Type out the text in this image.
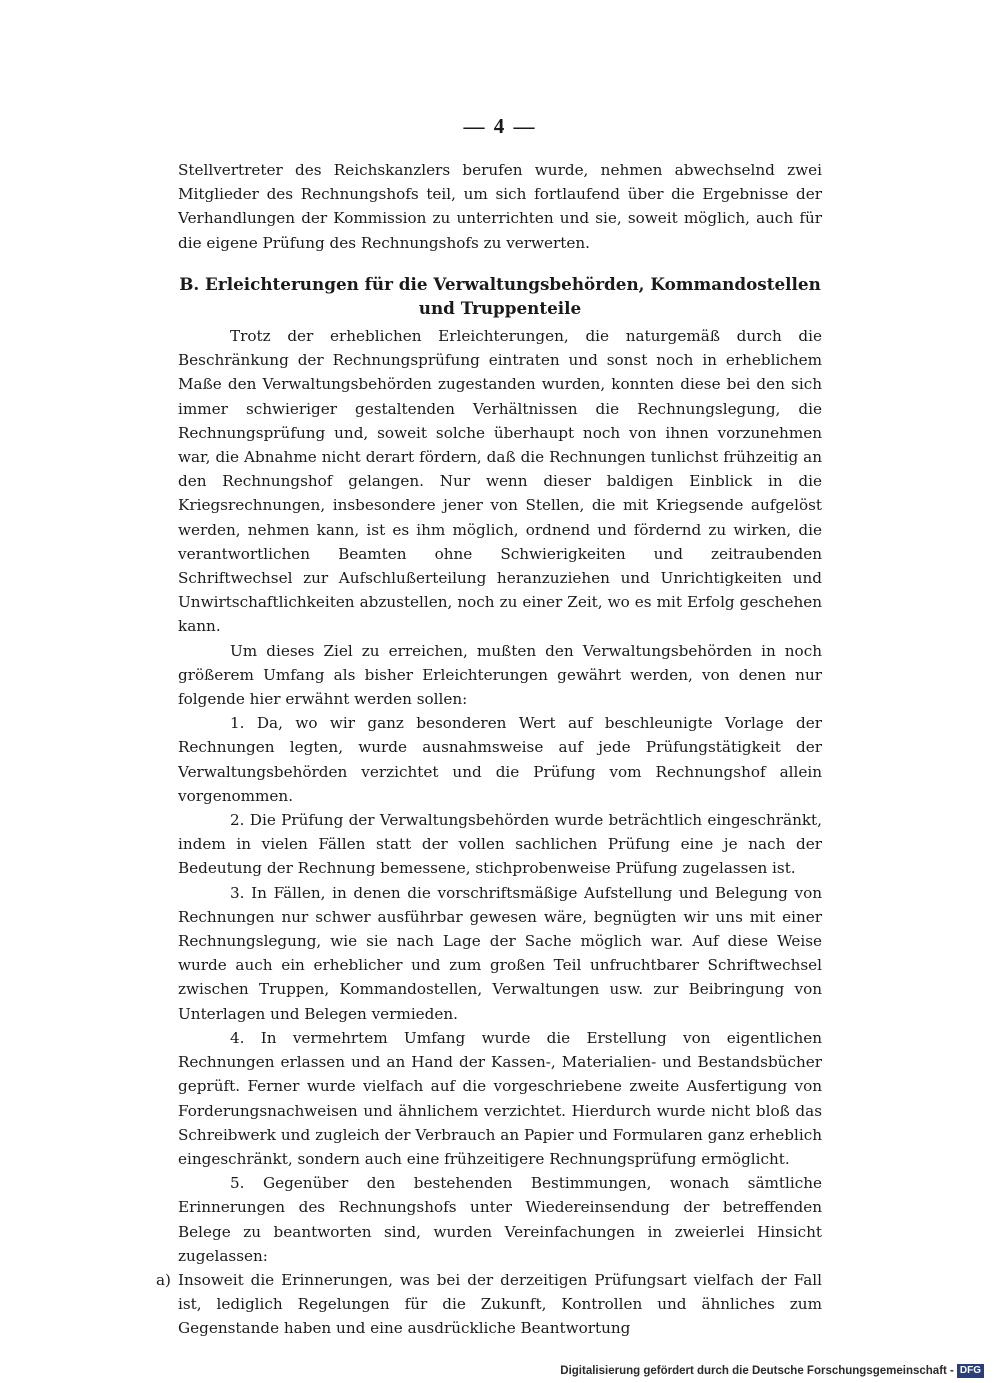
— 4 —

Stellvertreter des Reichskanzlers berufen wurde, nehmen abwechselnd zwei Mitglieder des Rechnungshofs teil, um sich fortlaufend über die Ergebnisse der Verhandlungen der Kommission zu unterrichten und sie, soweit möglich, auch für die eigene Prüfung des Rechnungshofs zu verwerten.

B. Erleichterungen für die Verwaltungsbehörden, Kommandostellen
und Truppenteile

Trotz der erheblichen Erleichterungen, die naturgemäß durch die Beschränkung der Rechnungsprüfung eintraten und sonst noch in erheblichem Maße den Verwaltungsbehörden zugestanden wurden, konnten diese bei den sich immer schwieriger gestaltenden Verhältnissen die Rechnungslegung, die Rechnungsprüfung und, soweit solche überhaupt noch von ihnen vorzunehmen war, die Abnahme nicht derart fördern, daß die Rechnungen tunlichst frühzeitig an den Rechnungshof gelangen. Nur wenn dieser baldigen Einblick in die Kriegsrechnungen, insbesondere jener von Stellen, die mit Kriegsende aufgelöst werden, nehmen kann, ist es ihm möglich, ordnend und fördernd zu wirken, die verantwortlichen Beamten ohne Schwierigkeiten und zeitraubenden Schriftwechsel zur Aufschlußerteilung heranzuziehen und Unrichtigkeiten und Unwirtschaftlichkeiten abzustellen, noch zu einer Zeit, wo es mit Erfolg geschehen kann.

Um dieses Ziel zu erreichen, mußten den Verwaltungsbehörden in noch größerem Umfang als bisher Erleichterungen gewährt werden, von denen nur folgende hier erwähnt werden sollen:

1. Da, wo wir ganz besonderen Wert auf beschleunigte Vorlage der Rechnungen legten, wurde ausnahmsweise auf jede Prüfungstätigkeit der Verwaltungsbehörden verzichtet und die Prüfung vom Rechnungshof allein vorgenommen.

2. Die Prüfung der Verwaltungsbehörden wurde beträchtlich eingeschränkt, indem in vielen Fällen statt der vollen sachlichen Prüfung eine je nach der Bedeutung der Rechnung bemessene, stichprobenweise Prüfung zugelassen ist.

3. In Fällen, in denen die vorschriftsmäßige Aufstellung und Belegung von Rechnungen nur schwer ausführbar gewesen wäre, begnügten wir uns mit einer Rechnungslegung, wie sie nach Lage der Sache möglich war. Auf diese Weise wurde auch ein erheblicher und zum großen Teil unfruchtbarer Schriftwechsel zwischen Truppen, Kommandostellen, Verwaltungen usw. zur Beibringung von Unterlagen und Belegen vermieden.

4. In vermehrtem Umfang wurde die Erstellung von eigentlichen Rechnungen erlassen und an Hand der Kassen-, Materialien- und Bestandsbücher geprüft. Ferner wurde vielfach auf die vorgeschriebene zweite Ausfertigung von Forderungsnachweisen und ähnlichem verzichtet. Hierdurch wurde nicht bloß das Schreibwerk und zugleich der Verbrauch an Papier und Formularen ganz erheblich eingeschränkt, sondern auch eine frühzeitigere Rechnungsprüfung ermöglicht.

5. Gegenüber den bestehenden Bestimmungen, wonach sämtliche Erinnerungen des Rechnungshofs unter Wiedereinsendung der betreffenden Belege zu beantworten sind, wurden Vereinfachungen in zweierlei Hinsicht zugelassen:

a) Insoweit die Erinnerungen, was bei der derzeitigen Prüfungsart vielfach der Fall ist, lediglich Regelungen für die Zukunft, Kontrollen und ähnliches zum Gegenstande haben und eine ausdrückliche Beantwortung

Digitalisierung gefördert durch die Deutsche Forschungsgemeinschaft - DFG
